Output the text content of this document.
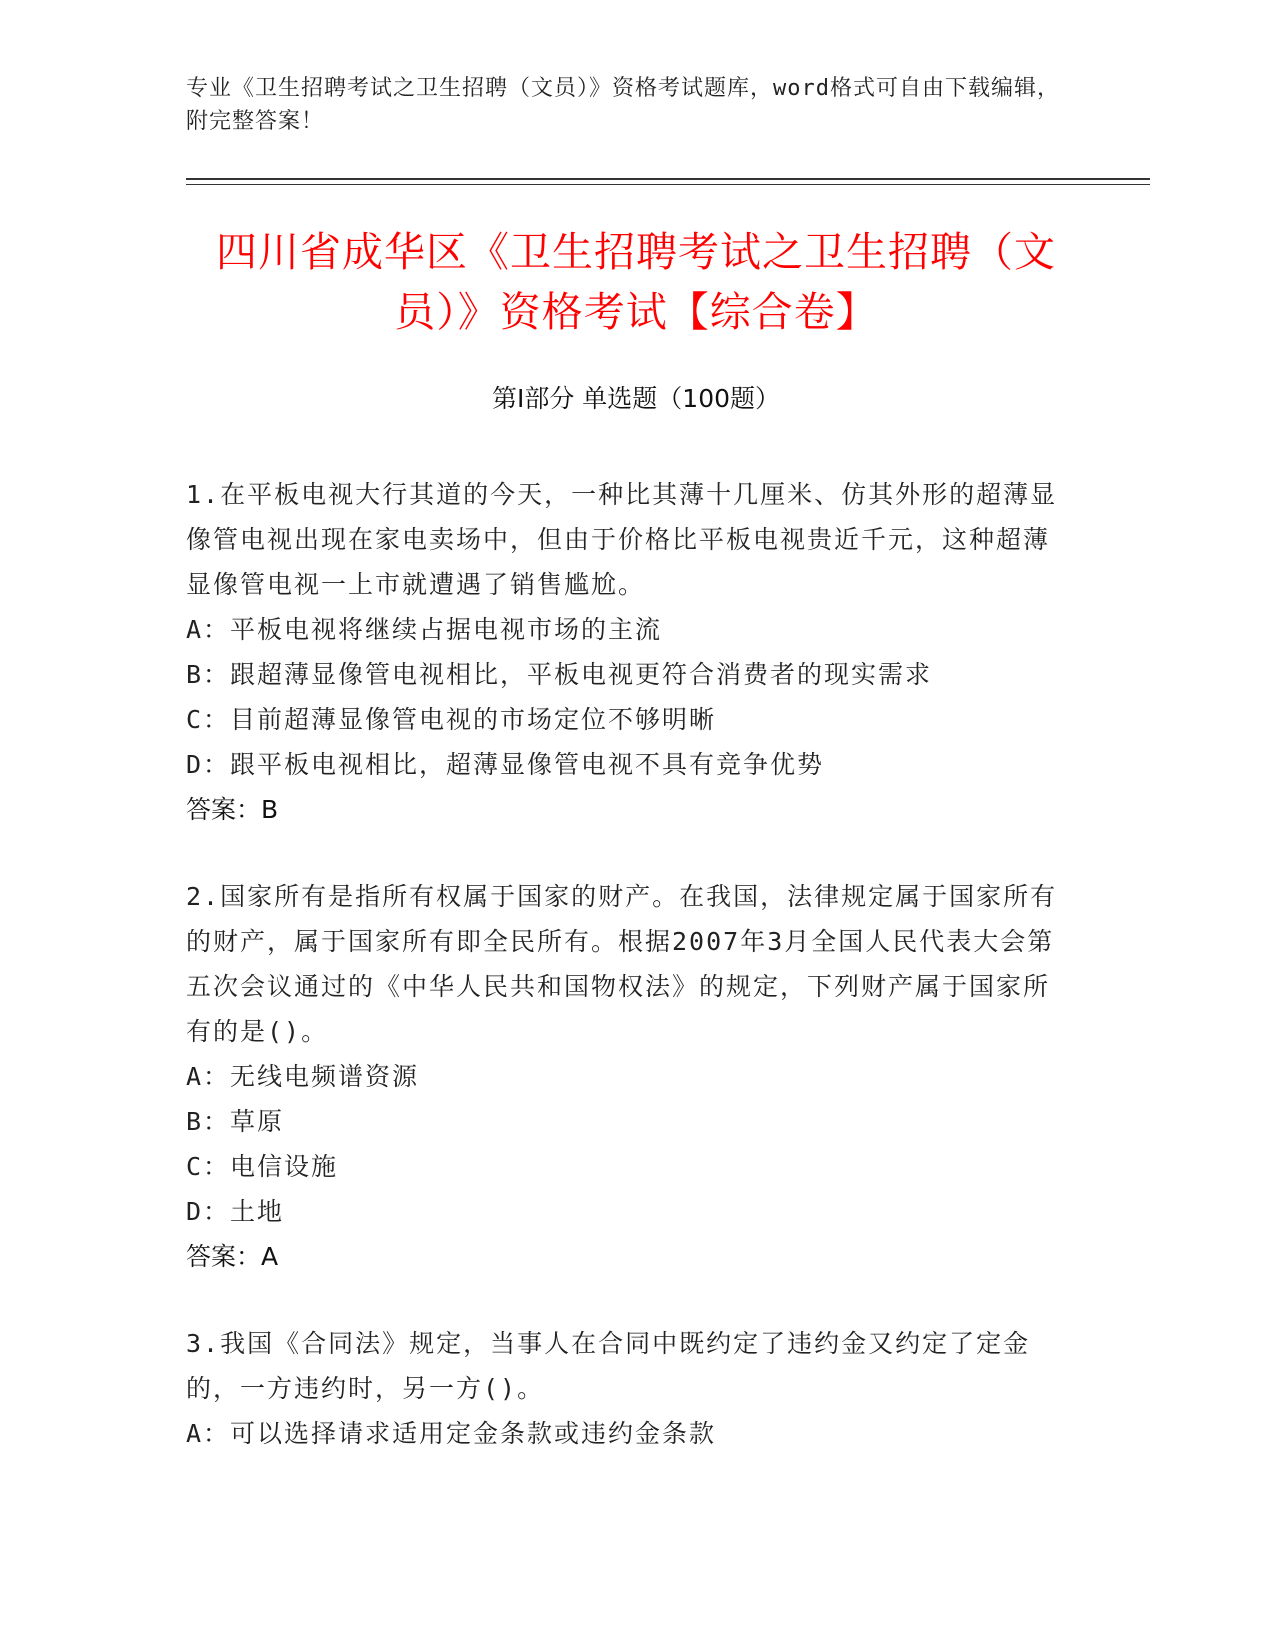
专业《卫生招聘考试之卫生招聘（文员）》资格考试题库，word格式可自由下载编辑，附完整答案！
四川省成华区《卫生招聘考试之卫生招聘（文员）》资格考试【综合卷】
第Ⅰ部分 单选题（100题）
1.在平板电视大行其道的今天，一种比其薄十几厘米、仿其外形的超薄显像管电视出现在家电卖场中，但由于价格比平板电视贵近千元，这种超薄显像管电视一上市就遭遇了销售尴尬。
A：平板电视将继续占据电视市场的主流
B：跟超薄显像管电视相比，平板电视更符合消费者的现实需求
C：目前超薄显像管电视的市场定位不够明晰
D：跟平板电视相比，超薄显像管电视不具有竞争优势
答案：B
2.国家所有是指所有权属于国家的财产。在我国，法律规定属于国家所有的财产，属于国家所有即全民所有。根据2007年3月全国人民代表大会第五次会议通过的《中华人民共和国物权法》的规定，下列财产属于国家所有的是()。
A：无线电频谱资源
B：草原
C：电信设施
D：土地
答案：A
3.我国《合同法》规定，当事人在合同中既约定了违约金又约定了定金的，一方违约时，另一方()。
A：可以选择请求适用定金条款或违约金条款
